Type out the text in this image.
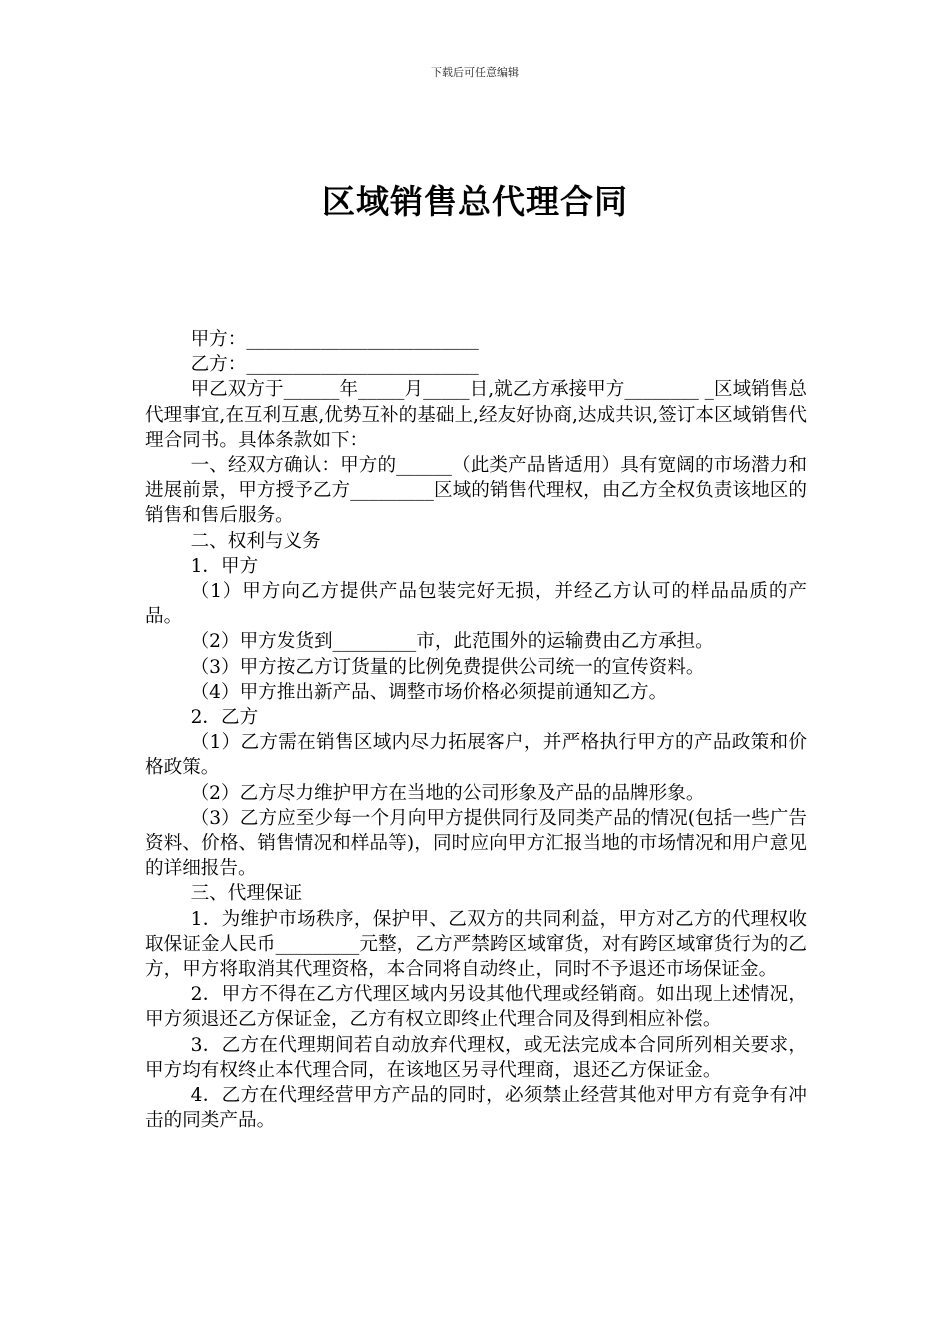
下载后可任意编辑
区域销售总代理合同

甲方：_________________________

乙方：_________________________

甲乙双方于______年_____月_____日,就乙方承接甲方________ _区域销售总代理事宜,在互利互惠,优势互补的基础上,经友好协商,达成共识,签订本区域销售代理合同书。具体条款如下：

一、经双方确认：甲方的______（此类产品皆适用）具有宽阔的市场潜力和进展前景，甲方授予乙方_________区域的销售代理权，由乙方全权负责该地区的销售和售后服务。

二、权利与义务

1．甲方

（1）甲方向乙方提供产品包装完好无损，并经乙方认可的样品品质的产品。

（2）甲方发货到_________市，此范围外的运输费由乙方承担。

（3）甲方按乙方订货量的比例免费提供公司统一的宣传资料。

（4）甲方推出新产品、调整市场价格必须提前通知乙方。

2．乙方

（1）乙方需在销售区域内尽力拓展客户，并严格执行甲方的产品政策和价格政策。

（2）乙方尽力维护甲方在当地的公司形象及产品的品牌形象。

（3）乙方应至少每一个月向甲方提供同行及同类产品的情况(包括一些广告资料、价格、销售情况和样品等)，同时应向甲方汇报当地的市场情况和用户意见的详细报告。

三、代理保证

1．为维护市场秩序，保护甲、乙双方的共同利益，甲方对乙方的代理权收取保证金人民币_________元整，乙方严禁跨区域窜货，对有跨区域窜货行为的乙方，甲方将取消其代理资格，本合同将自动终止，同时不予退还市场保证金。

2．甲方不得在乙方代理区域内另设其他代理或经销商。如出现上述情况，甲方须退还乙方保证金，乙方有权立即终止代理合同及得到相应补偿。

3．乙方在代理期间若自动放弃代理权，或无法完成本合同所列相关要求，甲方均有权终止本代理合同，在该地区另寻代理商，退还乙方保证金。

4．乙方在代理经营甲方产品的同时，必须禁止经营其他对甲方有竞争有冲击的同类产品。
